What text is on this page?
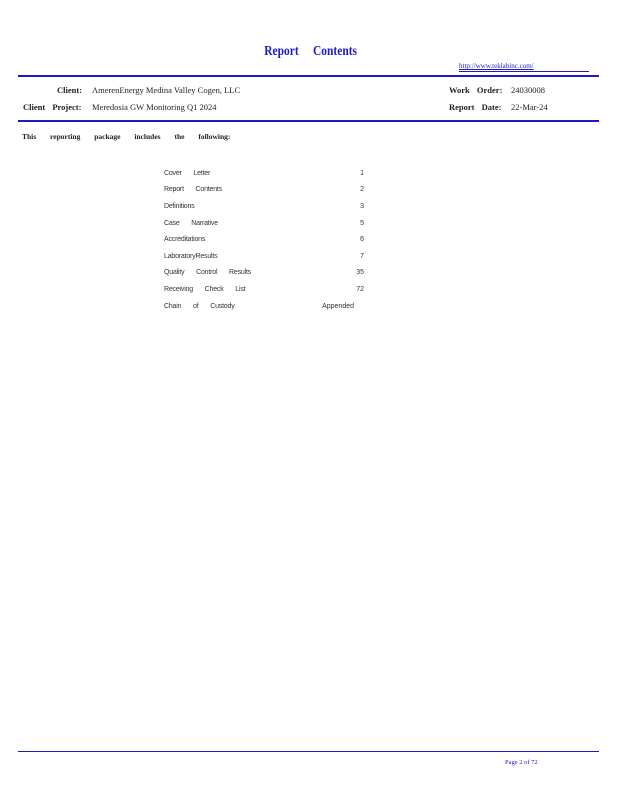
Report Contents
http://www.teklabinc.com/
Client: AmerenEnergy Medina Valley Cogen, LLC	Work Order: 24030008
Client Project: Meredosia GW Monitoring Q1 2024	Report Date: 22-Mar-24
This reporting package includes the following:
Cover Letter	1
Report Contents	2
Definitions	3
Case Narrative	5
Accreditations	6
LaboratoryResults	7
Quality Control Results	35
Receiving Check List	72
Chain of Custody	Appended
Page 2 of 72
